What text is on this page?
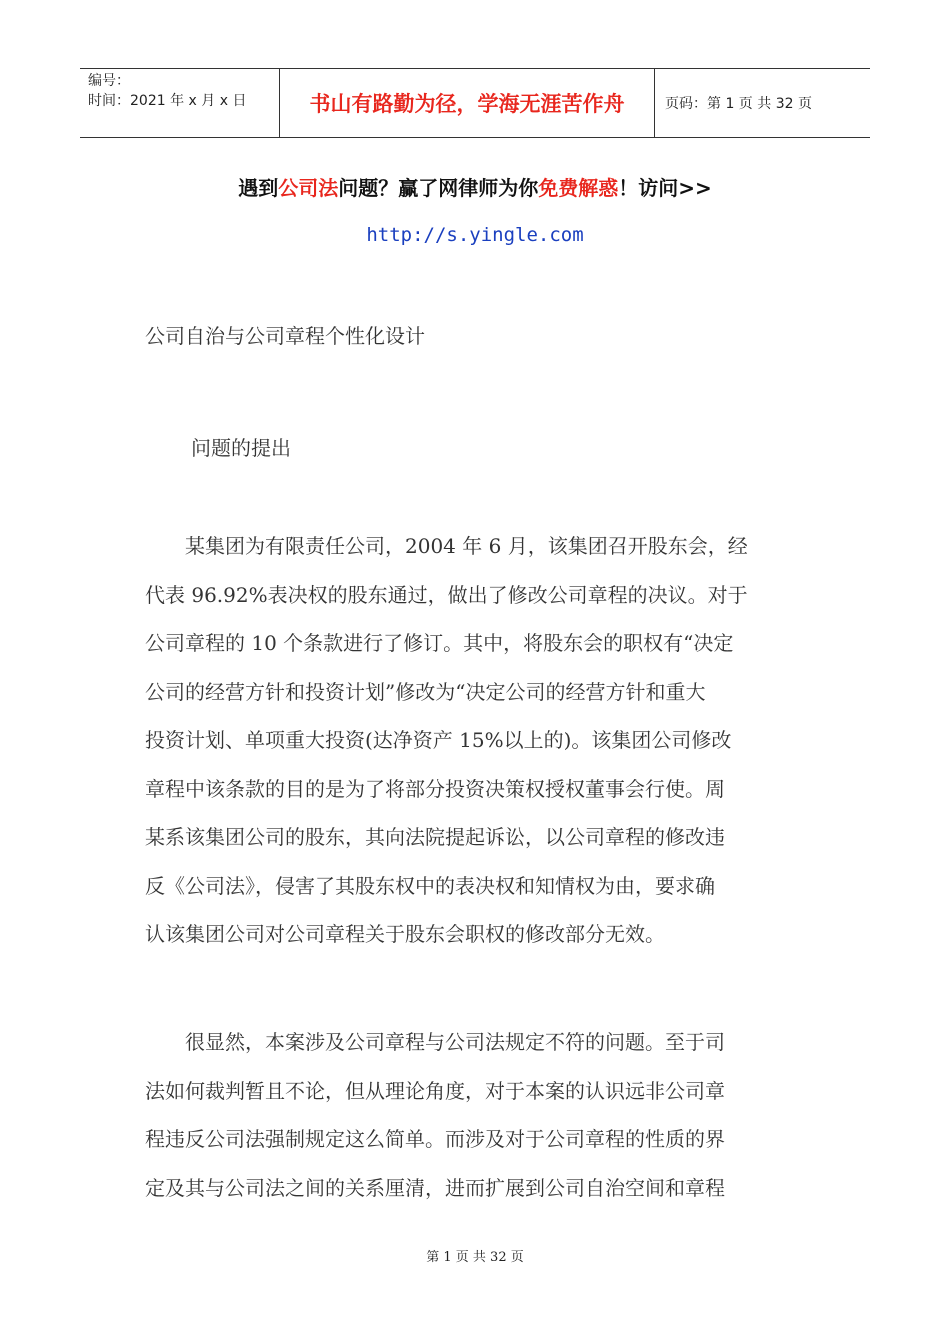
编号：
时间：2021 年 x 月 x 日	书山有路勤为径，学海无涯苦作舟	页码：第 1 页 共 32 页
遇到公司法问题？赢了网律师为你免费解惑！访问>>
http://s.yingle.com
公司自治与公司章程个性化设计
问题的提出
　　某集团为有限责任公司，2004 年 6 月，该集团召开股东会，经
代表 96.92%表决权的股东通过，做出了修改公司章程的决议。对于
公司章程的 10 个条款进行了修订。其中，将股东会的职权有“决定
公司的经营方针和投资计划”修改为“决定公司的经营方针和重大
投资计划、单项重大投资(达净资产 15%以上的)。该集团公司修改
章程中该条款的目的是为了将部分投资决策权授权董事会行使。周
某系该集团公司的股东，其向法院提起诉讼，以公司章程的修改违
反《公司法》，侵害了其股东权中的表决权和知情权为由，要求确
认该集团公司对公司章程关于股东会职权的修改部分无效。
　　很显然，本案涉及公司章程与公司法规定不符的问题。至于司
法如何裁判暂且不论，但从理论角度，对于本案的认识远非公司章
程违反公司法强制规定这么简单。而涉及对于公司章程的性质的界
定及其与公司法之间的关系厘清，进而扩展到公司自治空间和章程
第 1 页 共 32 页
